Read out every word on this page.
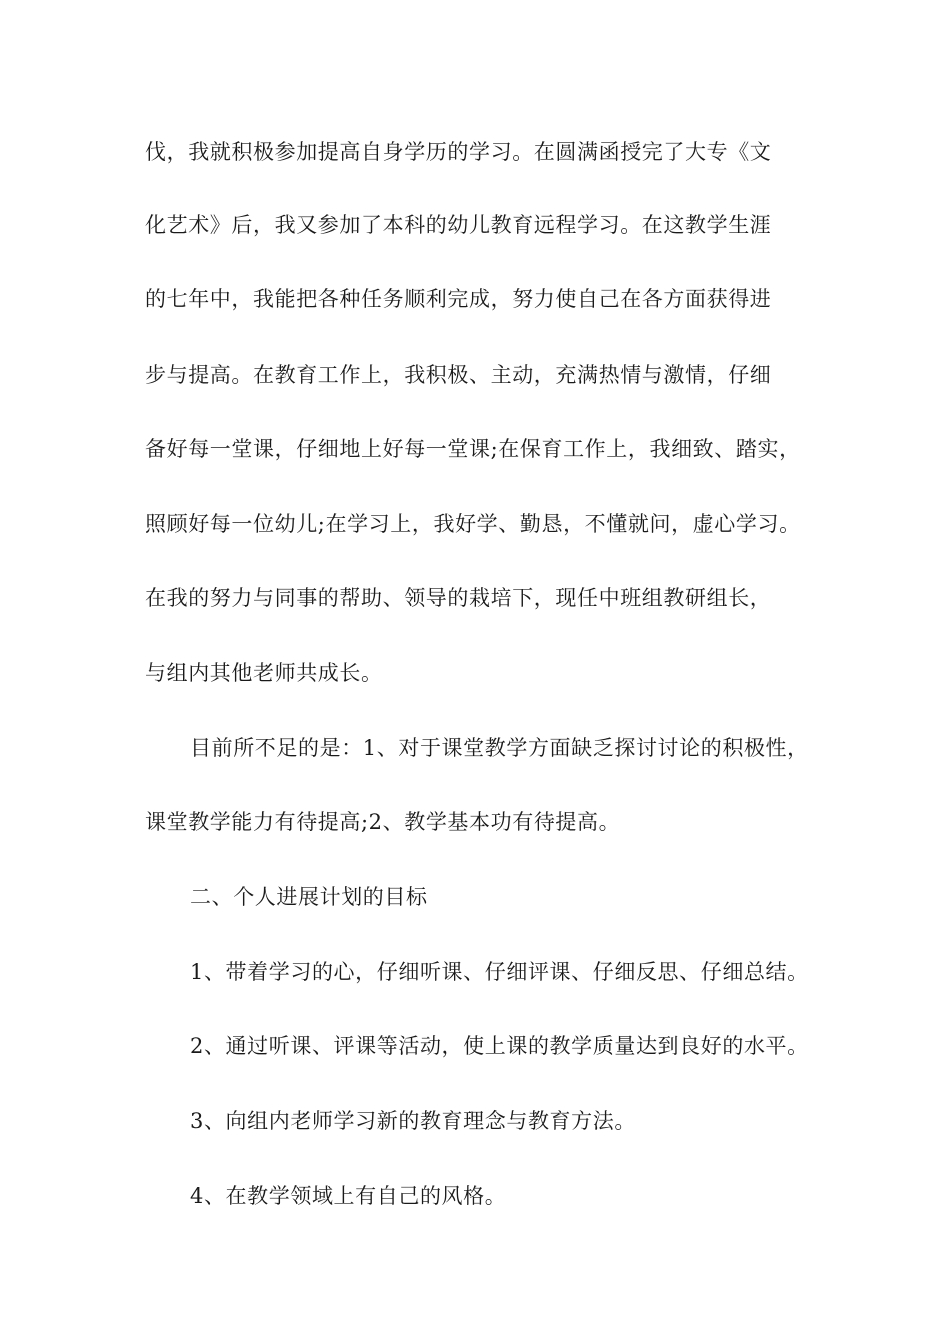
伐，我就积极参加提高自身学历的学习。在圆满函授完了大专《文
化艺术》后，我又参加了本科的幼儿教育远程学习。在这教学生涯
的七年中，我能把各种任务顺利完成，努力使自己在各方面获得进
步与提高。在教育工作上，我积极、主动，充满热情与激情，仔细
备好每一堂课，仔细地上好每一堂课;在保育工作上，我细致、踏实，
照顾好每一位幼儿;在学习上，我好学、勤恳，不懂就问，虚心学习。
在我的努力与同事的帮助、领导的栽培下，现任中班组教研组长，
与组内其他老师共成长。
目前所不足的是：1、对于课堂教学方面缺乏探讨讨论的积极性，
课堂教学能力有待提高;2、教学基本功有待提高。
二、个人进展计划的目标
1、带着学习的心，仔细听课、仔细评课、仔细反思、仔细总结。
2、通过听课、评课等活动，使上课的教学质量达到良好的水平。
3、向组内老师学习新的教育理念与教育方法。
4、在教学领域上有自己的风格。
